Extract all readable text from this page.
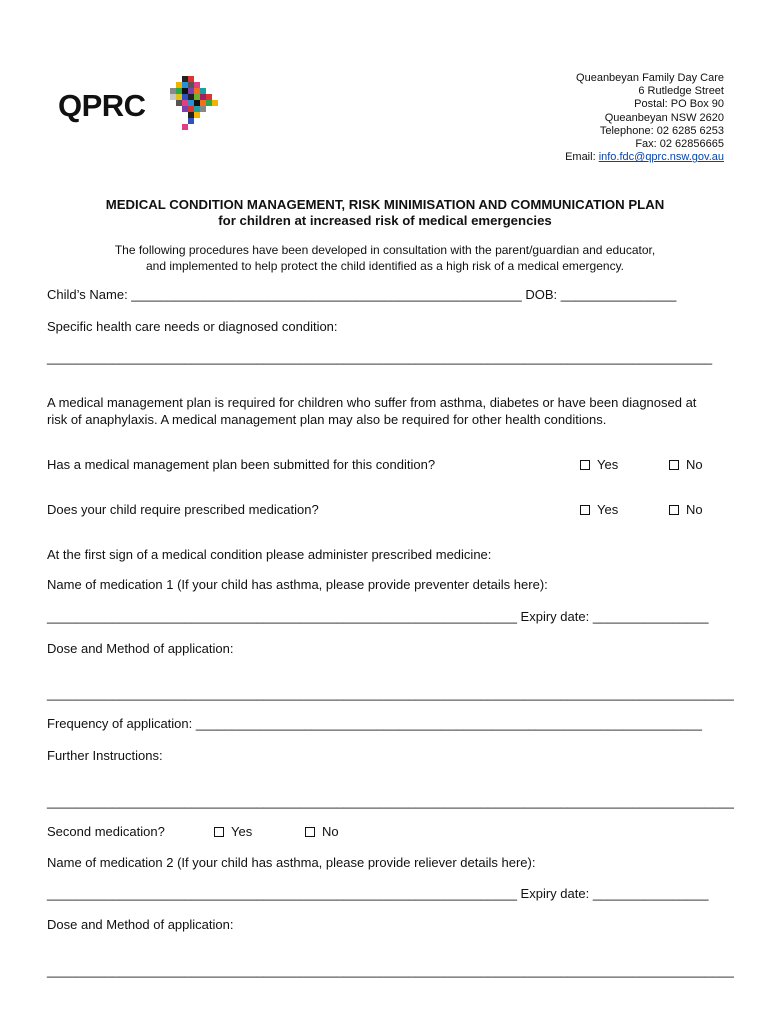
QPRC
Queanbeyan Family Day Care
6 Rutledge Street
Postal: PO Box 90
Queanbeyan NSW 2620
Telephone: 02 6285 6253
Fax: 02 62856665
Email: info.fdc@qprc.nsw.gov.au
MEDICAL CONDITION MANAGEMENT, RISK MINIMISATION AND COMMUNICATION PLAN
for children at increased risk of medical emergencies
The following procedures have been developed in consultation with the parent/guardian and educator,
and implemented to help protect the child identified as a high risk of a medical emergency.
Child’s Name: ______________________________________________________ DOB: ________________
Specific health care needs or diagnosed condition:
____________________________________________________________________________________________
A medical management plan is required for children who suffer from asthma, diabetes or have been diagnosed at risk of anaphylaxis. A medical management plan may also be required for other health conditions.
Has a medical management plan been submitted for this condition?	Yes	No
Does your child require prescribed medication?	Yes	No
At the first sign of a medical condition please administer prescribed medicine:
Name of medication 1 (If your child has asthma, please provide preventer details here):
_________________________________________________________________ Expiry date: ________________
Dose and Method of application:
_______________________________________________________________________________________________
Frequency of application: ______________________________________________________________________
Further Instructions:
_______________________________________________________________________________________________
Second medication?	Yes	No
Name of medication 2 (If your child has asthma, please provide reliever details here):
_________________________________________________________________ Expiry date: ________________
Dose and Method of application:
_______________________________________________________________________________________________
